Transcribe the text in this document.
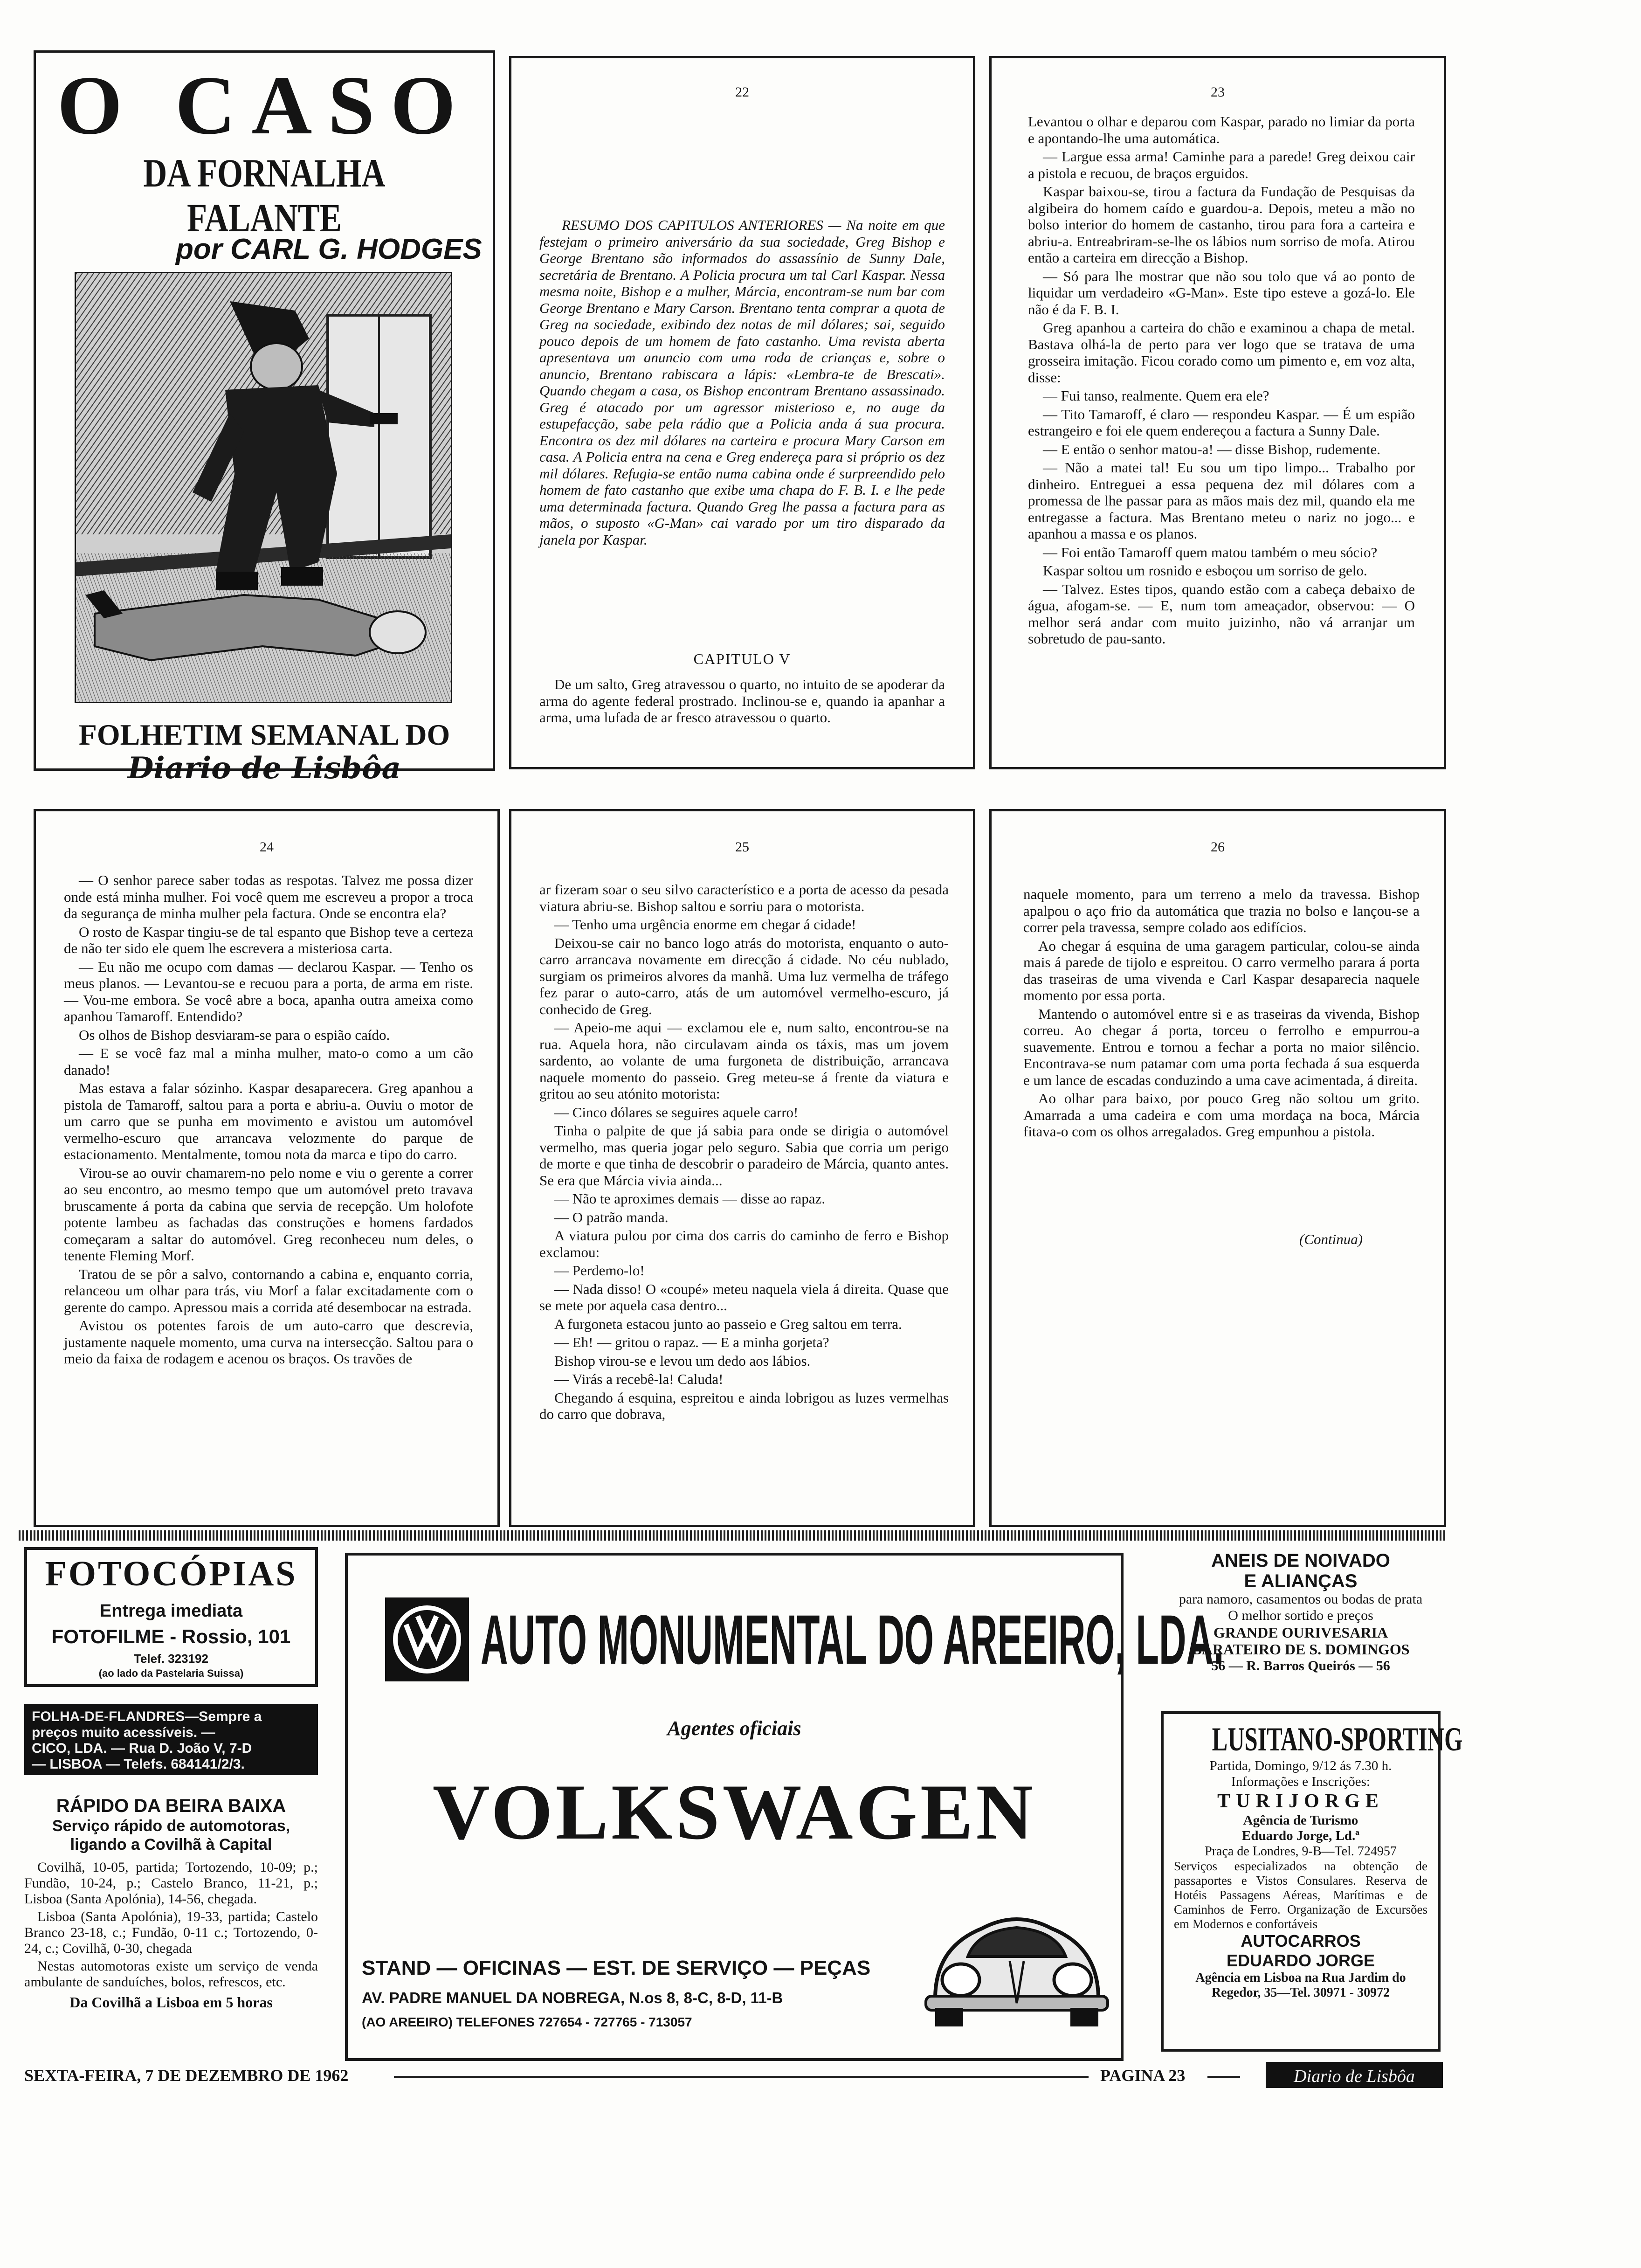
O CASO
DA FORNALHA FALANTE
por CARL G. HODGES
FOLHETIM SEMANAL DO
Diario de Lisbôa
22

RESUMO DOS CAPITULOS ANTERIORES — Na noite em que festejam o primeiro aniversário da sua sociedade, Greg Bishop e George Brentano são informados do assassínio de Sunny Dale, secretária de Brentano. A Policia procura um tal Carl Kaspar. Nessa mesma noite, Bishop e a mulher, Márcia, encontram-se num bar com George Brentano e Mary Carson. Brentano tenta comprar a quota de Greg na sociedade, exibindo dez notas de mil dólares; sai, seguido pouco depois de um homem de fato castanho. Uma revista aberta apresentava um anuncio com uma roda de crianças e, sobre o anuncio, Brentano rabiscara a lápis: «Lembra-te de Brescati». Quando chegam a casa, os Bishop encontram Brentano assassinado. Greg é atacado por um agressor misterioso e, no auge da estupefacção, sabe pela rádio que a Policia anda á sua procura. Encontra os dez mil dólares na carteira e procura Mary Carson em casa. A Policia entra na cena e Greg endereça para si próprio os dez mil dólares. Refugia-se então numa cabina onde é surpreendido pelo homem de fato castanho que exibe uma chapa do F. B. I. e lhe pede uma determinada factura. Quando Greg lhe passa a factura para as mãos, o suposto «G-Man» cai varado por um tiro disparado da janela por Kaspar.

CAPITULO V

De um salto, Greg atravessou o quarto, no intuito de se apoderar da arma do agente federal prostrado. Inclinou-se e, quando ia apanhar a arma, uma lufada de ar fresco atravessou o quarto.

23

Levantou o olhar e deparou com Kaspar, parado no limiar da porta e apontando-lhe uma automática.

— Largue essa arma! Caminhe para a parede! Greg deixou cair a pistola e recuou, de braços erguidos.

Kaspar baixou-se, tirou a factura da Fundação de Pesquisas da algibeira do homem caído e guardou-a. Depois, meteu a mão no bolso interior do homem de castanho, tirou para fora a carteira e abriu-a. Entreabriram-se-lhe os lábios num sorriso de mofa. Atirou então a carteira em direcção a Bishop.

— Só para lhe mostrar que não sou tolo que vá ao ponto de liquidar um verdadeiro «G-Man». Este tipo esteve a gozá-lo. Ele não é da F. B. I.

Greg apanhou a carteira do chão e examinou a chapa de metal. Bastava olhá-la de perto para ver logo que se tratava de uma grosseira imitação. Ficou corado como um pimento e, em voz alta, disse:

— Fui tanso, realmente. Quem era ele?

— Tito Tamaroff, é claro — respondeu Kaspar. — É um espião estrangeiro e foi ele quem endereçou a factura a Sunny Dale.

— E então o senhor matou-a! — disse Bishop, rudemente.

— Não a matei tal! Eu sou um tipo limpo... Trabalho por dinheiro. Entreguei a essa pequena dez mil dólares com a promessa de lhe passar para as mãos mais dez mil, quando ela me entregasse a factura. Mas Brentano meteu o nariz no jogo... e apanhou a massa e os planos.

— Foi então Tamaroff quem matou também o meu sócio?

Kaspar soltou um rosnido e esboçou um sorriso de gelo.

— Talvez. Estes tipos, quando estão com a cabeça debaixo de água, afogam-se. — E, num tom ameaçador, observou: — O melhor será andar com muito juizinho, não vá arranjar um sobretudo de pau-santo.

24

— O senhor parece saber todas as respotas. Talvez me possa dizer onde está minha mulher. Foi você quem me escreveu a propor a troca da segurança de minha mulher pela factura. Onde se encontra ela?

O rosto de Kaspar tingiu-se de tal espanto que Bishop teve a certeza de não ter sido ele quem lhe escrevera a misteriosa carta.

— Eu não me ocupo com damas — declarou Kaspar. — Tenho os meus planos. — Levantou-se e recuou para a porta, de arma em riste. — Vou-me embora. Se você abre a boca, apanha outra ameixa como apanhou Tamaroff. Entendido?

Os olhos de Bishop desviaram-se para o espião caído.

— E se você faz mal a minha mulher, mato-o como a um cão danado!

Mas estava a falar sózinho. Kaspar desaparecera. Greg apanhou a pistola de Tamaroff, saltou para a porta e abriu-a. Ouviu o motor de um carro que se punha em movimento e avistou um automóvel vermelho-escuro que arrancava velozmente do parque de estacionamento. Mentalmente, tomou nota da marca e tipo do carro.

Virou-se ao ouvir chamarem-no pelo nome e viu o gerente a correr ao seu encontro, ao mesmo tempo que um automóvel preto travava bruscamente á porta da cabina que servia de recepção. Um holofote potente lambeu as fachadas das construções e homens fardados começaram a saltar do automóvel. Greg reconheceu num deles, o tenente Fleming Morf.

Tratou de se pôr a salvo, contornando a cabina e, enquanto corria, relanceou um olhar para trás, viu Morf a falar excitadamente com o gerente do campo. Apressou mais a corrida até desembocar na estrada.

Avistou os potentes farois de um auto-carro que descrevia, justamente naquele momento, uma curva na intersecção. Saltou para o meio da faixa de rodagem e acenou os braços. Os travões de

25

ar fizeram soar o seu silvo característico e a porta de acesso da pesada viatura abriu-se. Bishop saltou e sorriu para o motorista.

— Tenho uma urgência enorme em chegar á cidade!

Deixou-se cair no banco logo atrás do motorista, enquanto o auto-carro arrancava novamente em direcção á cidade. No céu nublado, surgiam os primeiros alvores da manhã. Uma luz vermelha de tráfego fez parar o auto-carro, atás de um automóvel vermelho-escuro, já conhecido de Greg.

— Apeio-me aqui — exclamou ele e, num salto, encontrou-se na rua. Aquela hora, não circulavam ainda os táxis, mas um jovem sardento, ao volante de uma furgoneta de distribuição, arrancava naquele momento do passeio. Greg meteu-se á frente da viatura e gritou ao seu atónito motorista:

— Cinco dólares se seguires aquele carro!

Tinha o palpite de que já sabia para onde se dirigia o automóvel vermelho, mas queria jogar pelo seguro. Sabia que corria um perigo de morte e que tinha de descobrir o paradeiro de Márcia, quanto antes. Se era que Márcia vivia ainda...

— Não te aproximes demais — disse ao rapaz.

— O patrão manda.

A viatura pulou por cima dos carris do caminho de ferro e Bishop exclamou:

— Perdemo-lo!

— Nada disso! O «coupé» meteu naquela viela á direita. Quase que se mete por aquela casa dentro...

A furgoneta estacou junto ao passeio e Greg saltou em terra.

— Eh! — gritou o rapaz. — E a minha gorjeta?

Bishop virou-se e levou um dedo aos lábios.

— Virás a recebê-la! Caluda!

Chegando á esquina, espreitou e ainda lobrigou as luzes vermelhas do carro que dobrava,

26

naquele momento, para um terreno a melo da travessa. Bishop apalpou o aço frio da automática que trazia no bolso e lançou-se a correr pela travessa, sempre colado aos edifícios.

Ao chegar á esquina de uma garagem particular, colou-se ainda mais á parede de tijolo e espreitou. O carro vermelho parara á porta das traseiras de uma vivenda e Carl Kaspar desaparecia naquele momento por essa porta.

Mantendo o automóvel entre si e as traseiras da vivenda, Bishop correu. Ao chegar á porta, torceu o ferrolho e empurrou-a suavemente. Entrou e tornou a fechar a porta no maior silêncio. Encontrava-se num patamar com uma porta fechada á sua esquerda e um lance de escadas conduzindo a uma cave acimentada, á direita.

Ao olhar para baixo, por pouco Greg não soltou um grito. Amarrada a uma cadeira e com uma mordaça na boca, Márcia fitava-o com os olhos arregalados. Greg empunhou a pistola.

(Continua)
FOTOCÓPIAS
Entrega imediata
FOTOFILME - Rossio, 101
Telef. 323192
(ao lado da Pastelaria Suissa)
FOLHA-DE-FLANDRES—Sempre a preços muito acessíveis. —
CICO, LDA. — Rua D. João V, 7-D
— LISBOA — Telefs. 684141/2/3.
RÁPIDO DA BEIRA BAIXA
Serviço rápido de automotoras, ligando a Covilhã à Capital
Covilhã, 10-05, partida; Tortozendo, 10-09; p.; Fundão, 10-24, p.; Castelo Branco, 11-21, p.; Lisboa (Santa Apolónia), 14-56, chegada.
Lisboa (Santa Apolónia), 19-33, partida; Castelo Branco 23-18, c.; Fundão, 0-11 c.; Tortozendo, 0-24, c.; Covilhã, 0-30, chegada
Nestas automotoras existe um serviço de venda ambulante de sanduíches, bolos, refrescos, etc.
Da Covilhã a Lisboa em 5 horas
AUTO MONUMENTAL DO AREEIRO, LDA.
Agentes oficiais
VOLKSWAGEN
STAND — OFICINAS — EST. DE SERVIÇO — PEÇAS
AV. PADRE MANUEL DA NOBREGA, N.os 8, 8-C, 8-D, 11-B
(AO AREEIRO) TELEFONES 727654 - 727765 - 713057
ANEIS DE NOIVADO
E ALIANÇAS
para namoro, casamentos ou bodas de prata
O melhor sortido e preços
GRANDE OURIVESARIA
BARATEIRO DE S. DOMINGOS
56 — R. Barros Queirós — 56
LUSITANO-SPORTING
Partida, Domingo, 9/12 ás 7.30 h.
Informações e Inscrições:
TURIJORGE
Agência de Turismo
Eduardo Jorge, Ld.ª
Praça de Londres, 9-B—Tel. 724957
Serviços especializados na obtenção de passaportes e Vistos Consulares. Reserva de Hotéis Passagens Aéreas, Marítimas e de Caminhos de Ferro. Organização de Excursões em Modernos e confortáveis
AUTOCARROS
EDUARDO JORGE
Agência em Lisboa na Rua Jardim do Regedor, 35—Tel. 30971 - 30972
SEXTA-FEIRA, 7 DE DEZEMBRO DE 1962	PAGINA 23	Diario de Lisbôa
